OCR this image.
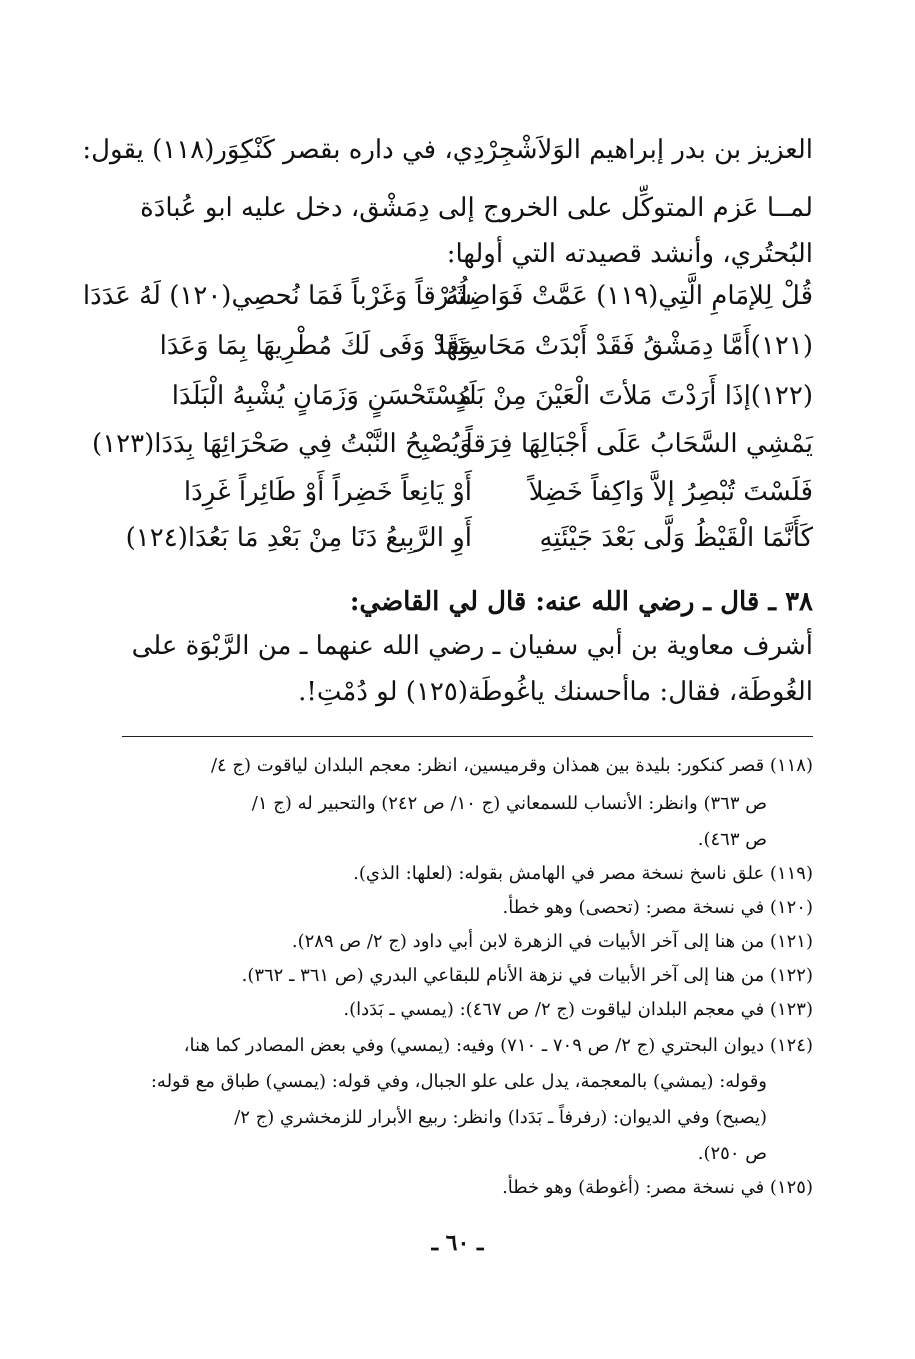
العزيز بن بدر إبراهيم الوَلاَشْجِرْدِي، في داره بقصر كَنْكِوَر(١١٨) يقول:
لمــا عَزم المتوكِّل على الخروج إلى دِمَشْق، دخل عليه ابو عُبادَة
البُحتُري، وأنشد قصيدته التي أولها:
قُلْ لِلإمَامِ الَّتِي(١١٩) عَمَّتْ فَوَاضِلُهُ
شَرْقاً وَغَرْباً فَمَا نُحصِي(١٢٠) لَهُ عَدَدَا
(١٢١)أَمَّا دِمَشْقُ فَقَدْ أَبْدَتْ مَحَاسِنَهَا
وَقَدْ وَفَى لَكَ مُطْرِيهَا بِمَا وَعَدَا
(١٢٢)إذَا أَرَدْتَ مَلأتَ الْعَيْنَ مِنْ بَلَدٍ
مُسْتَحْسَنٍ وَزَمَانٍ يُشْبِهُ الْبَلَدَا
يَمْشِي السَّحَابُ عَلَى أَجْبَالِهَا فِرَقاً
وَيُصْبِحُ النَّبْتُ فِي صَحْرَائِهَا بِدَدَا(١٢٣)
فَلَسْتَ تُبْصِرُ إلاَّ وَاكِفاً خَضِلاً
أَوْ يَانِعاً خَضِراً أَوْ طَائِراً غَرِدَا
كَأَنَّمَا الْقَيْظُ وَلَّى بَعْدَ جَيْئَتِهِ
أَوِ الرَّبِيعُ دَنَا مِنْ بَعْدِ مَا بَعُدَا(١٢٤)
٣٨ ـ قال ـ رضي الله عنه: قال لي القاضي:
أشرف معاوية بن أبي سفيان ـ رضي الله عنهما ـ من الرَّبْوَة على
الغُوطَة، فقال: ماأحسنك ياغُوطَة(١٢٥) لو دُمْتِ!.
(١١٨) قصر كنكور: بليدة بين همذان وقرميسين، انظر: معجم البلدان لياقوت (ج ٤/
ص ٣٦٣) وانظر: الأنساب للسمعاني (ج ١٠/ ص ٢٤٢) والتحبير له (ج ١/
ص ٤٦٣).
(١١٩) علق ناسخ نسخة مصر في الهامش بقوله: (لعلها: الذي).
(١٢٠) في نسخة مصر: (تحصى) وهو خطأ.
(١٢١) من هنا إلى آخر الأبيات في الزهرة لابن أبي داود (ج ٢/ ص ٢٨٩).
(١٢٢) من هنا إلى آخر الأبيات في نزهة الأنام للبقاعي البدري (ص ٣٦١ ـ ٣٦٢).
(١٢٣) في معجم البلدان لياقوت (ج ٢/ ص ٤٦٧): (يمسي ـ بَدَدا).
(١٢٤) ديوان البحتري (ج ٢/ ص ٧٠٩ ـ ٧١٠) وفيه: (يمسي) وفي بعض المصادر كما هنا،
وقوله: (يمشي) بالمعجمة، يدل على علو الجبال، وفي قوله: (يمسي) طباق مع قوله:
(يصبح) وفي الديوان: (رفرفاً ـ بَدَدا) وانظر: ربيع الأبرار للزمخشري (ج ٢/
ص ٢٥٠).
(١٢٥) في نسخة مصر: (أغوطة) وهو خطأ.
ـ ٦٠ ـ
